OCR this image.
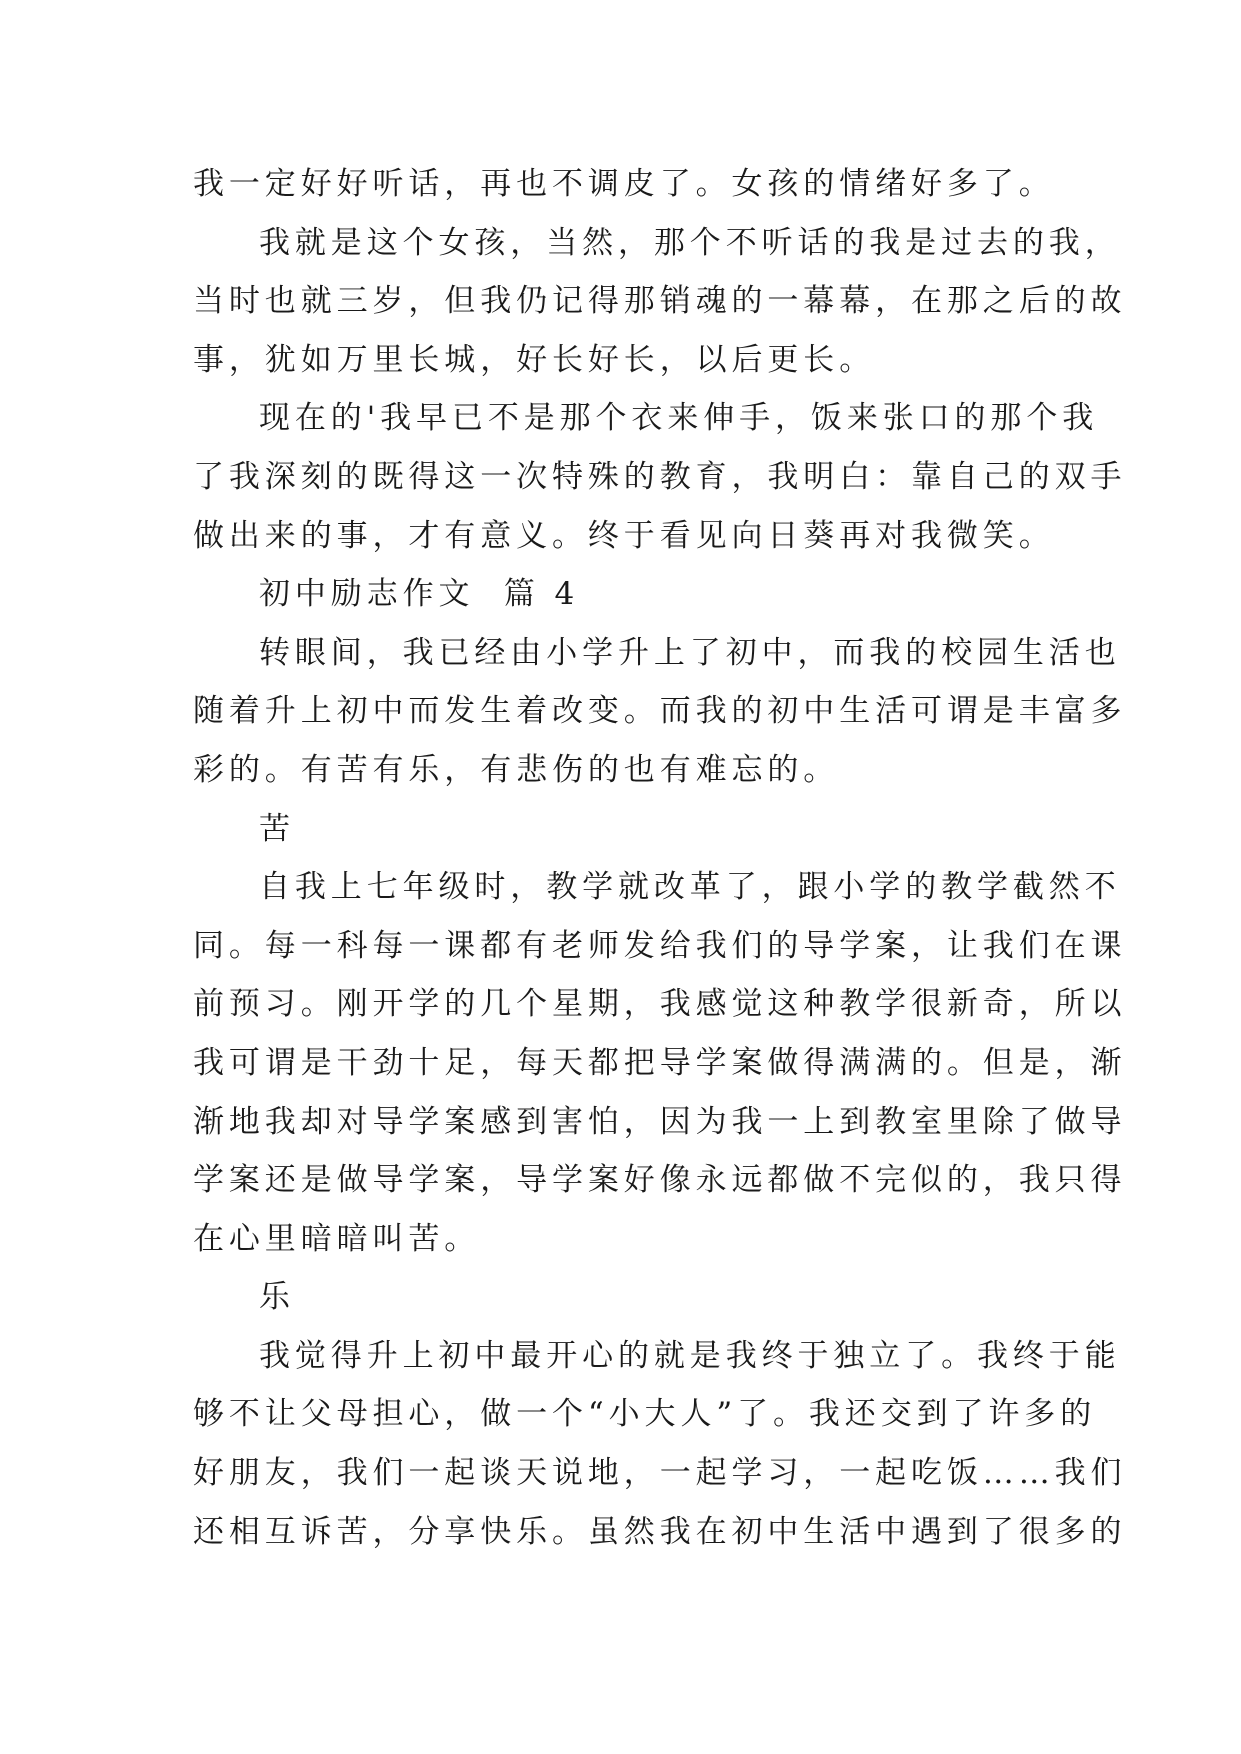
我一定好好听话，再也不调皮了。女孩的情绪好多了。

我就是这个女孩，当然，那个不听话的我是过去的我，
当时也就三岁，但我仍记得那销魂的一幕幕，在那之后的故
事，犹如万里长城，好长好长，以后更长。

现在的'我早已不是那个衣来伸手，饭来张口的那个我
了我深刻的既得这一次特殊的教育，我明白：靠自己的双手
做出来的事，才有意义。终于看见向日葵再对我微笑。

初中励志作文  篇 4

转眼间，我已经由小学升上了初中，而我的校园生活也
随着升上初中而发生着改变。而我的初中生活可谓是丰富多
彩的。有苦有乐，有悲伤的也有难忘的。

苦

自我上七年级时，教学就改革了，跟小学的教学截然不
同。每一科每一课都有老师发给我们的导学案，让我们在课
前预习。刚开学的几个星期，我感觉这种教学很新奇，所以
我可谓是干劲十足，每天都把导学案做得满满的。但是，渐
渐地我却对导学案感到害怕，因为我一上到教室里除了做导
学案还是做导学案，导学案好像永远都做不完似的，我只得
在心里暗暗叫苦。

乐

我觉得升上初中最开心的就是我终于独立了。我终于能
够不让父母担心，做一个“小大人”了。我还交到了许多的
好朋友，我们一起谈天说地，一起学习，一起吃饭……我们
还相互诉苦，分享快乐。虽然我在初中生活中遇到了很多的
